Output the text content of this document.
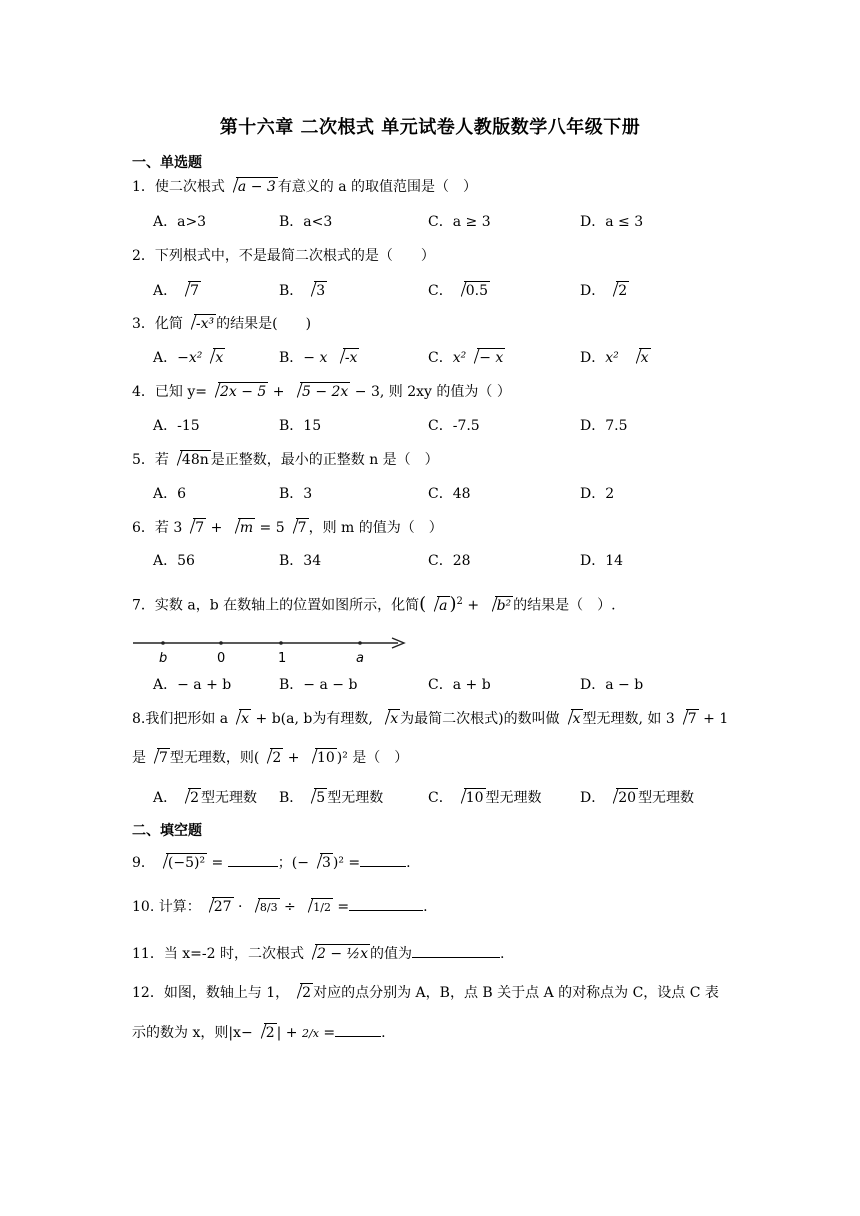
第十六章 二次根式 单元试卷人教版数学八年级下册
一、单选题
1．使二次根式 a − 3 有意义的 a 的取值范围是（　）
A．a>3	B．a<3	C．a ≥ 3	D．a ≤ 3
2．下列根式中，不是最简二次根式的是（　　）
A． 7	B． 3	C． 0.5	D． 2
3．化简 -x³ 的结果是(　　)
A．−x² x	B．− x -x	C．x² − x	D．x²  x
4．已知 y= 2x − 5 + 5 − 2x − 3, 则 2xy 的值为（ ）
A．-15	B．15	C．-7.5	D．7.5
5．若 48n 是正整数，最小的正整数 n 是（　）
A．6	B．3	C．48	D．2
6．若 3 7 + m = 5 7 ，则 m 的值为（　）
A．56	B．34	C．28	D．14
7．实数 a，b 在数轴上的位置如图所示，化简( a )$^2$ + b² 的结果是（　）.
b	0	1	a
A．− a + b	B．− a − b	C．a + b	D．a − b
8.我们把形如 a x + b(a, b为有理数, x 为最简二次根式)的数叫做 x 型无理数, 如 3 7 + 1
是 7 型无理数，则( 2 + 10 )² 是（　）
A． 2 型无理数 B． 5 型无理数	C． 10 型无理数	D． 20 型无理数
二、填空题
9． (−5)² =	；(− 3 )² =	.
10. 计算： 27 · 8/3 ÷ 1/2 =	.
11．当 x=-2 时，二次根式 2 − ½x 的值为	.
12．如图，数轴上与 1， 2 对应的点分别为 A，B，点 B 关于点 A 的对称点为 C，设点 C 表
示的数为 x，则|x− 2 | + 2/x =	.
